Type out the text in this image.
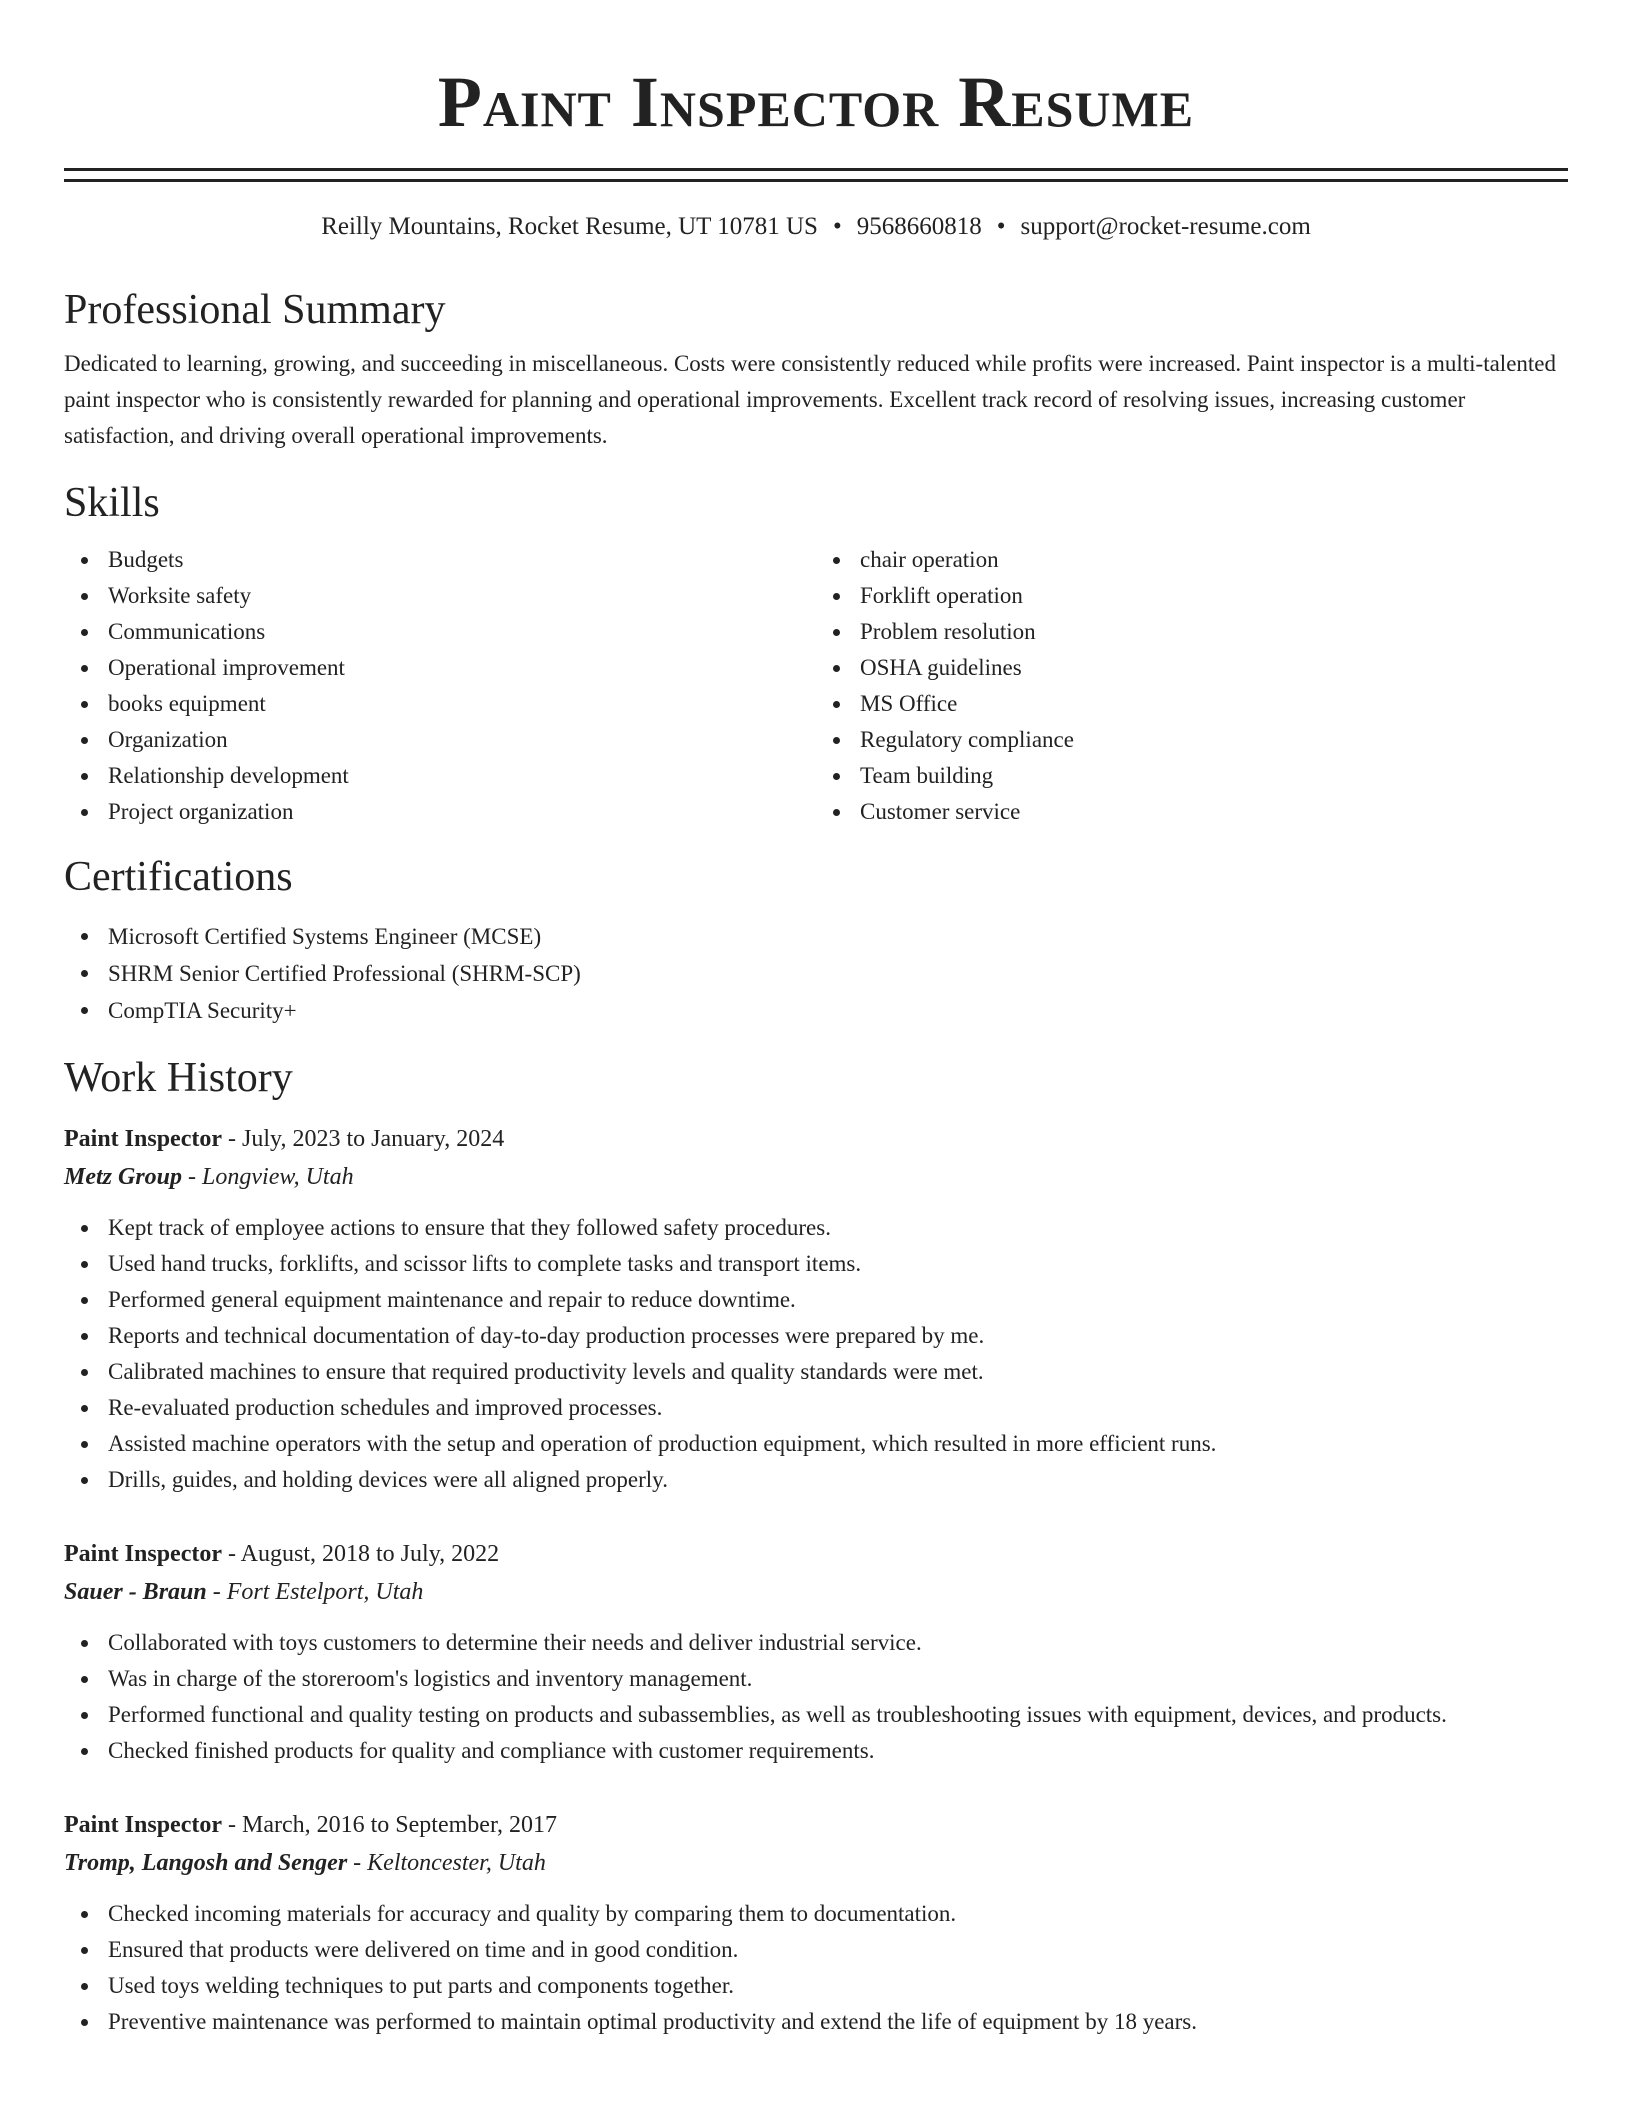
Paint Inspector Resume
Reilly Mountains, Rocket Resume, UT 10781 US • 9568660818 • support@rocket-resume.com
Professional Summary

Dedicated to learning, growing, and succeeding in miscellaneous. Costs were consistently reduced while profits were increased. Paint inspector is a multi-talented paint inspector who is consistently rewarded for planning and operational improvements. Excellent track record of resolving issues, increasing customer satisfaction, and driving overall operational improvements.

Skills
Budgets
Worksite safety
Communications
Operational improvement
books equipment
Organization
Relationship development
Project organization
chair operation
Forklift operation
Problem resolution
OSHA guidelines
MS Office
Regulatory compliance
Team building
Customer service
Certifications
Microsoft Certified Systems Engineer (MCSE)
SHRM Senior Certified Professional (SHRM-SCP)
CompTIA Security+
Work History
Paint Inspector - July, 2023 to January, 2024
Metz Group - Longview, Utah
Kept track of employee actions to ensure that they followed safety procedures.
Used hand trucks, forklifts, and scissor lifts to complete tasks and transport items.
Performed general equipment maintenance and repair to reduce downtime.
Reports and technical documentation of day-to-day production processes were prepared by me.
Calibrated machines to ensure that required productivity levels and quality standards were met.
Re-evaluated production schedules and improved processes.
Assisted machine operators with the setup and operation of production equipment, which resulted in more efficient runs.
Drills, guides, and holding devices were all aligned properly.
Paint Inspector - August, 2018 to July, 2022
Sauer - Braun - Fort Estelport, Utah
Collaborated with toys customers to determine their needs and deliver industrial service.
Was in charge of the storeroom's logistics and inventory management.
Performed functional and quality testing on products and subassemblies, as well as troubleshooting issues with equipment, devices, and products.
Checked finished products for quality and compliance with customer requirements.
Paint Inspector - March, 2016 to September, 2017
Tromp, Langosh and Senger - Keltoncester, Utah
Checked incoming materials for accuracy and quality by comparing them to documentation.
Ensured that products were delivered on time and in good condition.
Used toys welding techniques to put parts and components together.
Preventive maintenance was performed to maintain optimal productivity and extend the life of equipment by 18 years.
